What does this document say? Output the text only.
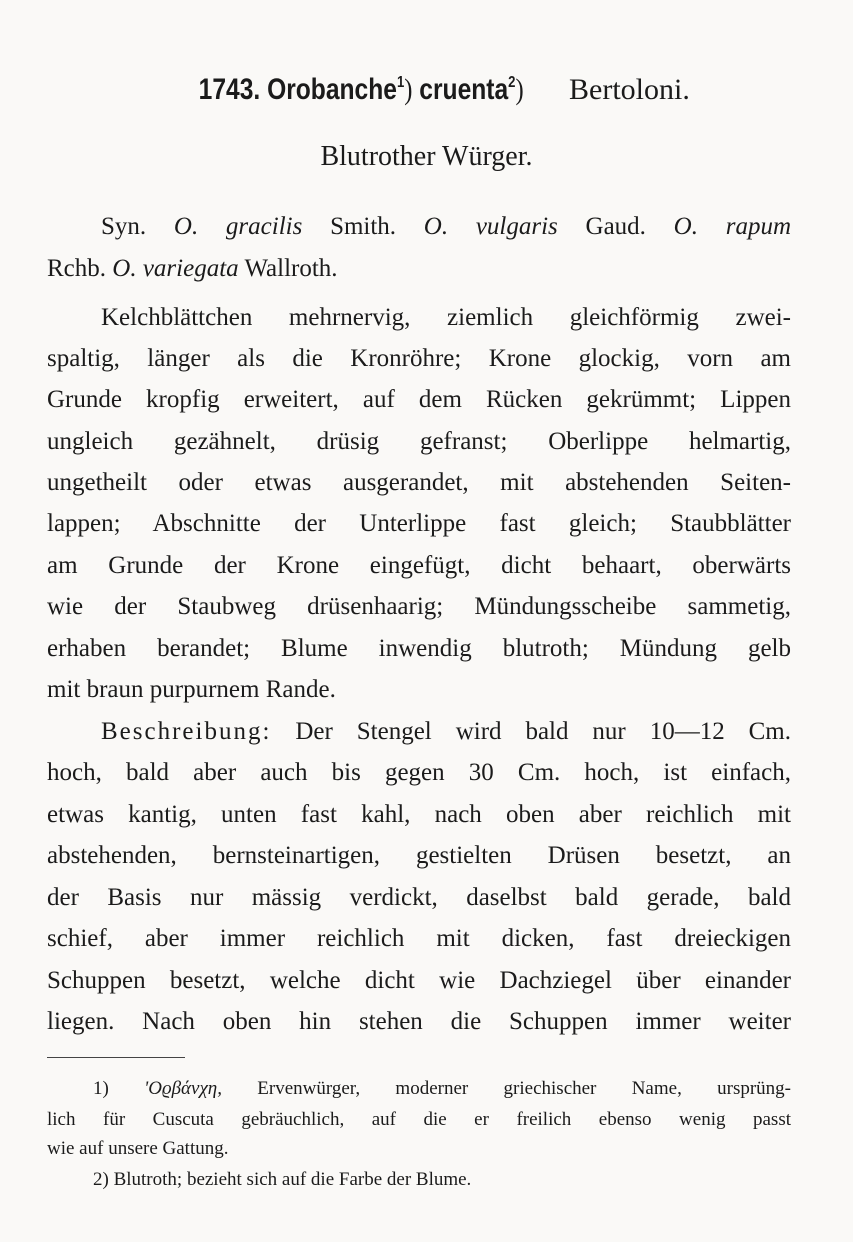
1743. Orobanche$^1$) cruenta$^2$) Bertoloni.
Blutrother Würger.
Syn. O. gracilis Smith. O. vulgaris Gaud. O. rapum
Rchb. O. variegata Wallroth.
Kelchblättchen mehrnervig, ziemlich gleichförmig zwei-
spaltig, länger als die Kronröhre; Krone glockig, vorn am
Grunde kropfig erweitert, auf dem Rücken gekrümmt; Lippen
ungleich gezähnelt, drüsig gefranst; Oberlippe helmartig,
ungetheilt oder etwas ausgerandet, mit abstehenden Seiten-
lappen; Abschnitte der Unterlippe fast gleich; Staubblätter
am Grunde der Krone eingefügt, dicht behaart, oberwärts
wie der Staubweg drüsenhaarig; Mündungsscheibe sammetig,
erhaben berandet; Blume inwendig blutroth; Mündung gelb
mit braun purpurnem Rande.
Beschreibung: Der Stengel wird bald nur 10—12 Cm.
hoch, bald aber auch bis gegen 30 Cm. hoch, ist einfach,
etwas kantig, unten fast kahl, nach oben aber reichlich mit
abstehenden, bernsteinartigen, gestielten Drüsen besetzt, an
der Basis nur mässig verdickt, daselbst bald gerade, bald
schief, aber immer reichlich mit dicken, fast dreieckigen
Schuppen besetzt, welche dicht wie Dachziegel über einander
liegen. Nach oben hin stehen die Schuppen immer weiter
1) 'Oϱβάνχη, Ervenwürger, moderner griechischer Name, ursprüng-
lich für Cuscuta gebräuchlich, auf die er freilich ebenso wenig passt
wie auf unsere Gattung.
2) Blutroth; bezieht sich auf die Farbe der Blume.
